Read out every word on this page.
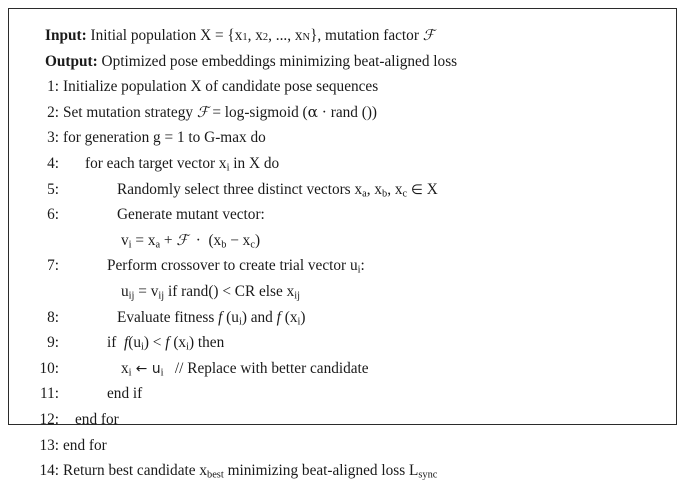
Input: Initial population X = {x 1 , x 2 , ..., x N }, mutation factor ℱ
Output: Optimized pose embeddings minimizing beat-aligned loss
1: Initialize population X of candidate pose sequences
2: Set mutation strategy ℱ = log-sigmoid (α · rand ())
3: for generation g = 1 to G-max do
4:	for each target vector $x_i$ in X do
5:	Randomly select three distinct vectors $x_a$, $x_b$, $x_c$ ∈ X
6:	Generate mutant vector:
$v_i = x_a$ + ℱ  ·  $(x_b - x_c)$
7:	Perform crossover to create trial vector $u_i$:
$u_{ij} = v_{ij}$ if rand() < CR else $x_{ij}$
8:	Evaluate fitness f $(u_i)$ and f $(x_i)$
9:	if  $f(u_i) < f$ $(x_i)$ then
10:	$x_i$ ← $u_i$   // Replace with better candidate
11:	end if
12:	end for
13: end for
14: Return best candidate $x_{best}$ minimizing beat-aligned loss $L_{sync}$
